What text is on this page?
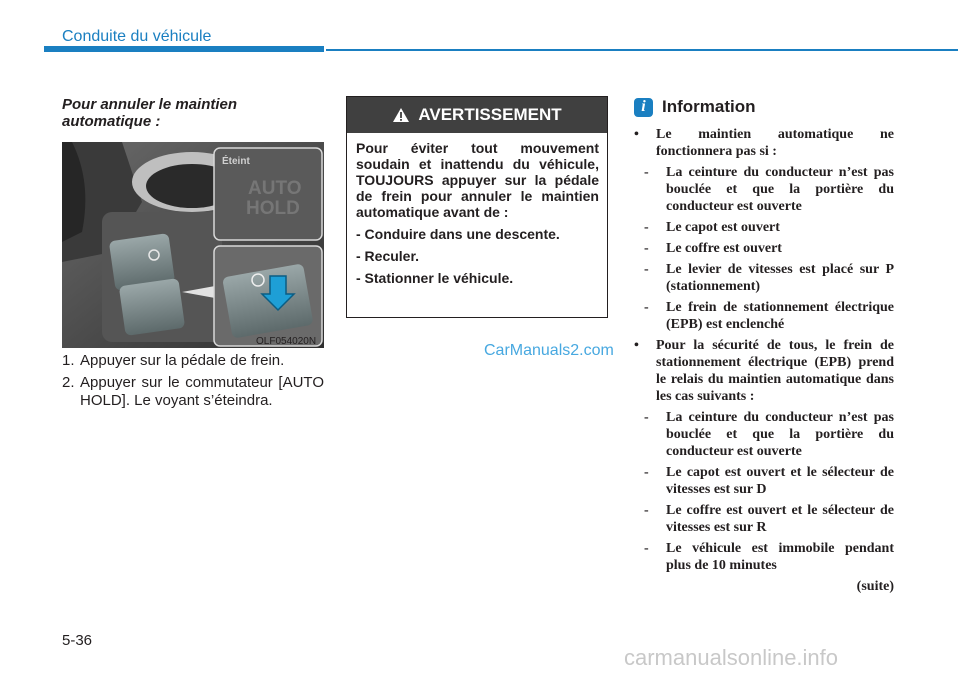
Conduite du véhicule
Pour annuler le maintien automatique :
Éteint
AUTO
HOLD
OLF054020N
1. Appuyer sur la pédale de frein.
2. Appuyer sur le commutateur [AUTO HOLD]. Le voyant s’éteindra.
AVERTISSEMENT

Pour éviter tout mouvement soudain et inattendu du véhicule, TOUJOURS appuyer sur la pédale de frein pour annuler le maintien automatique avant de :

- Conduire dans une descente.

- Reculer.

- Stationner le véhicule.

CarManuals2.com
i Information
• Le maintien automatique ne fonctionnera pas si :
- La ceinture du conducteur n’est pas bouclée et que la portière du conducteur est ouverte
- Le capot est ouvert
- Le coffre est ouvert
- Le levier de vitesses est placé sur P (stationnement)
- Le frein de stationnement électrique (EPB) est enclenché
• Pour la sécurité de tous, le frein de stationnement électrique (EPB) prend le relais du maintien automatique dans les cas suivants :
- La ceinture du conducteur n’est pas bouclée et que la portière du conducteur est ouverte
- Le capot est ouvert et le sélecteur de vitesses est sur D
- Le coffre est ouvert et le sélecteur de vitesses est sur R
- Le véhicule est immobile pendant plus de 10 minutes
(suite)
5-36
carmanualsonline.info
